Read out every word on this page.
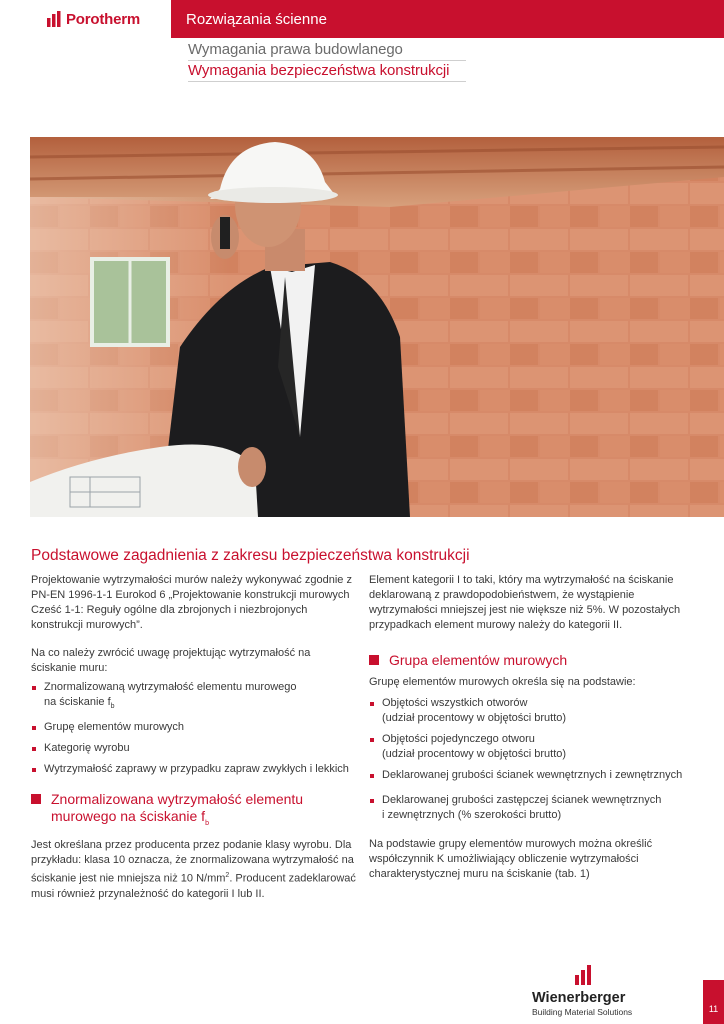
Porotherm	Rozwiązania ścienne
Wymagania prawa budowlanego
Wymagania bezpieczeństwa konstrukcji
Podstawowe zagadnienia z zakresu bezpieczeństwa konstrukcji

Projektowanie wytrzymałości murów należy wykonywać zgodnie z PN-EN 1996-1-1 Eurokod 6 „Projektowanie konstrukcji murowych Cześć 1-1: Reguły ogólne dla zbrojonych i niezbrojonych konstrukcji murowych”.

Na co należy zwrócić uwagę projektując wytrzymałość na ściskanie muru:

Znormalizowaną wytrzymałość elementu murowego na ściskanie $f_b$
Grupę elementów murowych
Kategorię wyrobu
Wytrzymałość zaprawy w przypadku zapraw zwykłych i lekkich
Znormalizowana wytrzymałość elementu murowego na ściskanie $f_b$

Jest określana przez producenta przez podanie klasy wyrobu. Dla przykładu: klasa 10 oznacza, że znormalizowana wytrzymałość na ściskanie jest nie mniejsza niż 10 $N/mm^2$. Producent zadeklarować musi również przynależność do kategorii I lub II.

Element kategorii I to taki, który ma wytrzymałość na ściskanie deklarowaną z prawdopodobieństwem, że wystąpienie wytrzymałości mniejszej jest nie większe niż 5%. W pozostałych przypadkach element murowy należy do kategorii II.

Grupa elementów murowych

Grupę elementów murowych określa się na podstawie:

Objętości wszystkich otworów
(udział procentowy w objętości brutto)
Objętości pojedynczego otworu
(udział procentowy w objętości brutto)
Deklarowanej grubości ścianek wewnętrznych i zewnętrznych
Deklarowanej grubości zastępczej ścianek wewnętrznych
i zewnętrznych (% szerokości brutto)

Na podstawie grupy elementów murowych można określić współczynnik K umożliwiający obliczenie wytrzymałości charakterystycznej muru na ściskanie (tab. 1)

Wienerberger
Building Material Solutions	11
